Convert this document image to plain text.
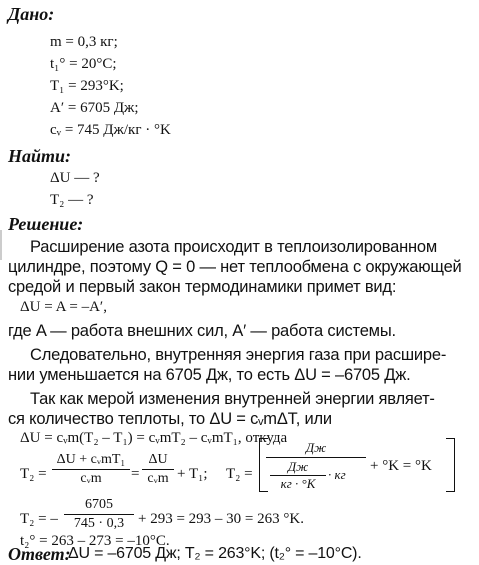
Дано:
m = 0,3 кг;
t₁° = 20°C;
T₁ = 293°K;
A′ = 6705 Дж;
cᵥ = 745 Дж/кг · °K
Найти:
ΔU — ?
T₂ — ?
Решение:
Расширение азота происходит в теплоизолированном
цилиндре, поэтому Q = 0 — нет теплообмена с окружающей
средой и первый закон термодинамики примет вид:
ΔU = A = –A′,
где A — работа внешних сил, A′ — работа системы.
Следовательно, внутренняя энергия газа при расшире-
нии уменьшается на 6705 Дж, то есть ΔU = –6705 Дж.
Так как мерой изменения внутренней энергии являет-
ся количество теплоты, то ΔU = cᵥmΔT, или
ΔU = cᵥm(T₂ – T₁) = cᵥmT₂ – cᵥmT₁, откуда
T₂ =
ΔU + cᵥmT₁
cᵥm	=
ΔU
cᵥm + T₁; T₂ =
Дж
Дж
кг · °K
· кг
+ °K = °K
T₂ = –
6705
745 · 0,3 + 293 = 293 – 30 = 263 °K.
t₂° = 263 – 273 = –10°C.
Ответ:
ΔU = –6705 Дж; T₂ = 263°K; (t₂° = –10°C).
